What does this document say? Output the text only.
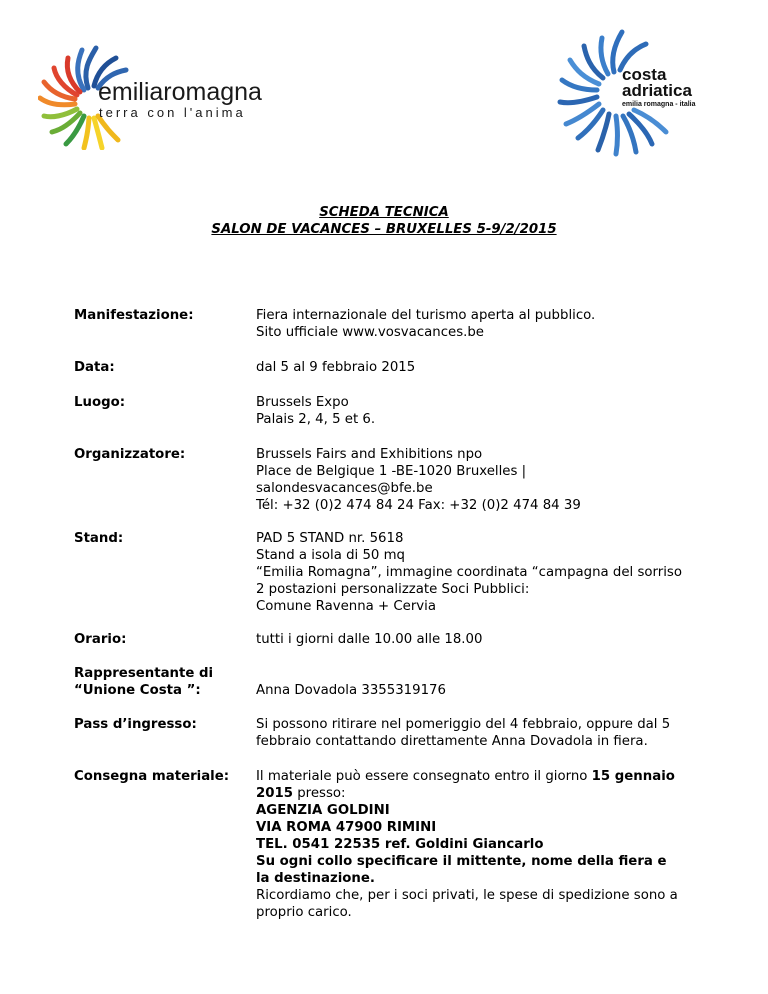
emiliaromagna
terra con l'anima
costa
adriatica
emilia romagna - italia
SCHEDA TECNICA
SALON DE VACANCES – BRUXELLES 5-9/2/2015
Manifestazione:	Fiera internazionale del turismo aperta al pubblico.
Sito ufficiale www.vosvacances.be
Data:	dal 5 al 9 febbraio 2015
Luogo:	Brussels Expo
Palais 2, 4, 5 et 6.
Organizzatore:	Brussels Fairs and Exhibitions npo
Place de Belgique 1 -BE-1020 Bruxelles |
salondesvacances@bfe.be
Tél: +32 (0)2 474 84 24 Fax: +32 (0)2 474 84 39
Stand:	PAD 5 STAND nr. 5618
Stand a isola di 50 mq
“Emilia Romagna”, immagine coordinata “campagna del sorriso
2 postazioni personalizzate Soci Pubblici:
Comune Ravenna + Cervia
Orario:	tutti i giorni dalle 10.00 alle 18.00
Rappresentante di
“Unione Costa ”:	Anna Dovadola 3355319176
Pass d’ingresso:	Si possono ritirare nel pomeriggio del 4 febbraio, oppure dal 5
febbraio contattando direttamente Anna Dovadola in fiera.
Consegna materiale:	Il materiale può essere consegnato entro il giorno 15 gennaio
2015 presso:
AGENZIA GOLDINI
VIA ROMA 47900 RIMINI
TEL. 0541 22535 ref. Goldini Giancarlo
Su ogni collo specificare il mittente, nome della fiera e
la destinazione.
Ricordiamo che, per i soci privati, le spese di spedizione sono a
proprio carico.
